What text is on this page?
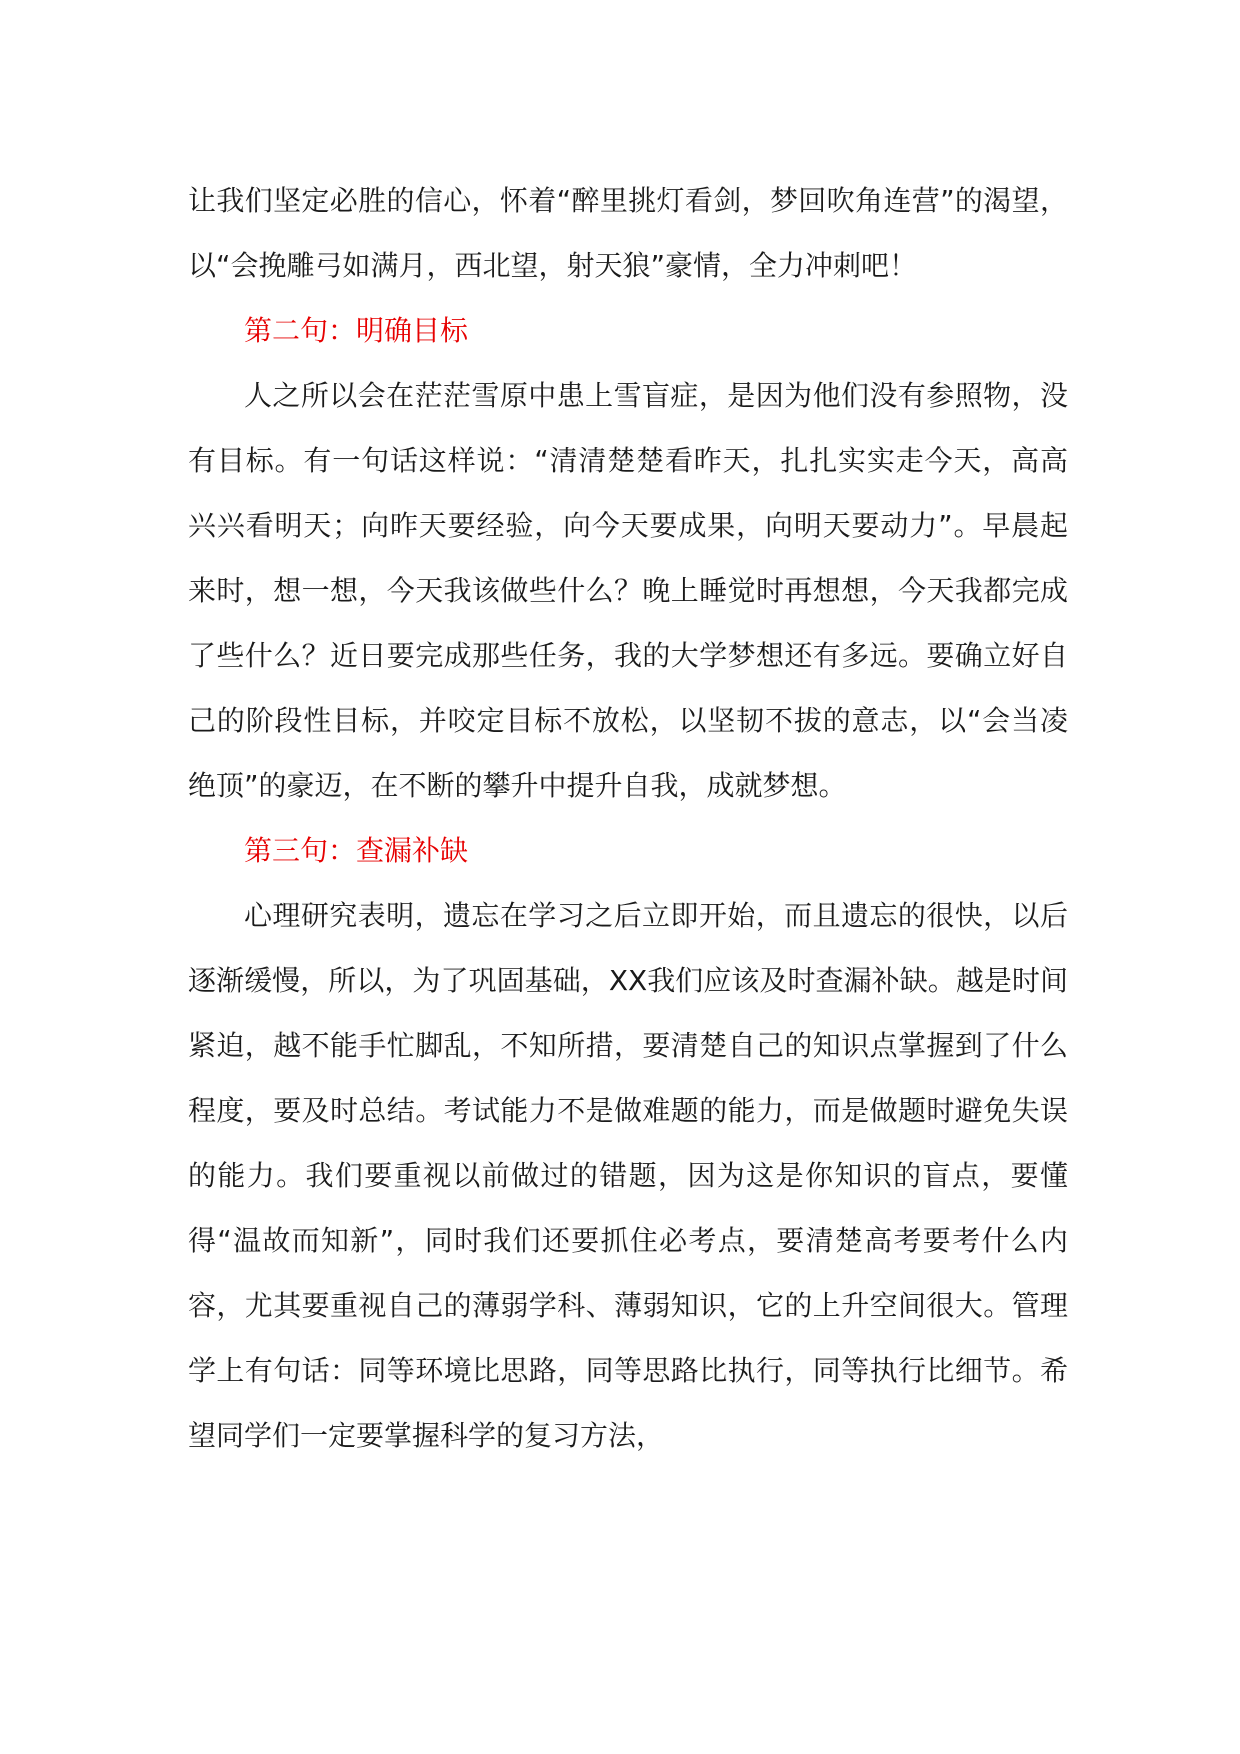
让我们坚定必胜的信心，怀着“醉里挑灯看剑，梦回吹角连营”的渴望，以“会挽雕弓如满月，西北望，射天狼”豪情，全力冲刺吧！

第二句：明确目标

人之所以会在茫茫雪原中患上雪盲症，是因为他们没有参照物，没有目标。有一句话这样说：“清清楚楚看昨天，扎扎实实走今天，高高兴兴看明天；向昨天要经验，向今天要成果，向明天要动力”。早晨起来时，想一想，今天我该做些什么？晚上睡觉时再想想，今天我都完成了些什么？近日要完成那些任务，我的大学梦想还有多远。要确立好自己的阶段性目标，并咬定目标不放松，以坚韧不拔的意志，以“会当凌绝顶”的豪迈，在不断的攀升中提升自我，成就梦想。

第三句：查漏补缺

心理研究表明，遗忘在学习之后立即开始，而且遗忘的很快，以后逐渐缓慢，所以，为了巩固基础，XX我们应该及时查漏补缺。越是时间紧迫，越不能手忙脚乱，不知所措，要清楚自己的知识点掌握到了什么程度，要及时总结。考试能力不是做难题的能力，而是做题时避免失误的能力。我们要重视以前做过的错题，因为这是你知识的盲点，要懂得“温故而知新”，同时我们还要抓住必考点，要清楚高考要考什么内容，尤其要重视自己的薄弱学科、薄弱知识，它的上升空间很大。管理学上有句话：同等环境比思路，同等思路比执行，同等执行比细节。希望同学们一定要掌握科学的复习方法，
